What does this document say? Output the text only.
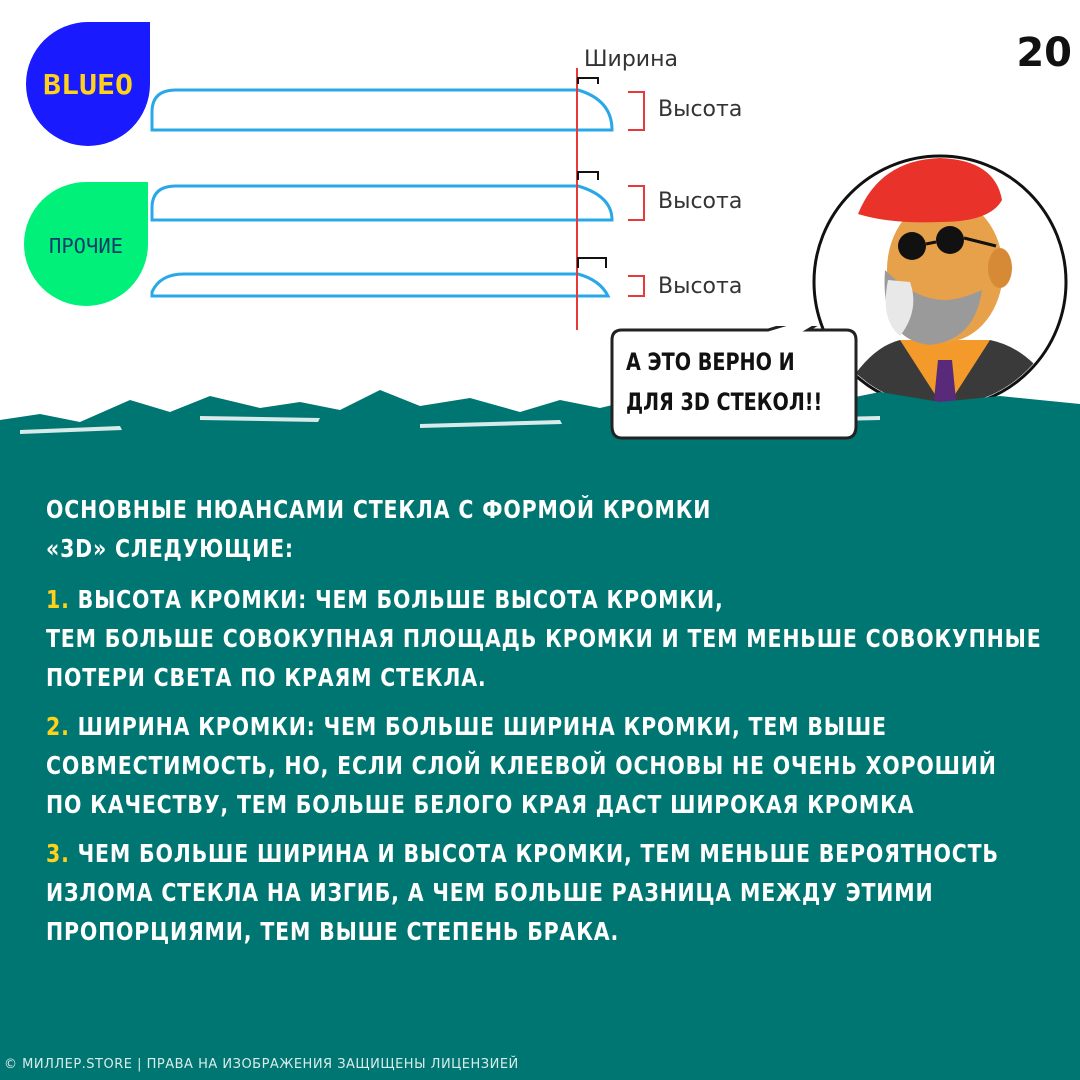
BLUEO
ПРОЧИЕ
Ширина
Высота
Высота
Высота
А ЭТО ВЕРНО И
ДЛЯ 3D СТЕКОЛ!!
20

ОСНОВНЫЕ НЮАНСАМИ СТЕКЛА С ФОРМОЙ КРОМКИ
«3D» СЛЕДУЮЩИЕ:

1. ВЫСОТА КРОМКИ: ЧЕМ БОЛЬШЕ ВЫСОТА КРОМКИ,
ТЕМ БОЛЬШЕ СОВОКУПНАЯ ПЛОЩАДЬ КРОМКИ И ТЕМ МЕНЬШЕ СОВОКУПНЫЕ
ПОТЕРИ СВЕТА ПО КРАЯМ СТЕКЛА.

2. ШИРИНА КРОМКИ: ЧЕМ БОЛЬШЕ ШИРИНА КРОМКИ, ТЕМ ВЫШЕ
СОВМЕСТИМОСТЬ, НО, ЕСЛИ СЛОЙ КЛЕЕВОЙ ОСНОВЫ НЕ ОЧЕНЬ ХОРОШИЙ
ПО КАЧЕСТВУ, ТЕМ БОЛЬШЕ БЕЛОГО КРАЯ ДАСТ ШИРОКАЯ КРОМКА

3. ЧЕМ БОЛЬШЕ ШИРИНА И ВЫСОТА КРОМКИ, ТЕМ МЕНЬШЕ ВЕРОЯТНОСТЬ
ИЗЛОМА СТЕКЛА НА ИЗГИБ, А ЧЕМ БОЛЬШЕ РАЗНИЦА МЕЖДУ ЭТИМИ
ПРОПОРЦИЯМИ, ТЕМ ВЫШЕ СТЕПЕНЬ БРАКА.

© МИЛЛЕР.STORE | ПРАВА НА ИЗОБРАЖЕНИЯ ЗАЩИЩЕНЫ ЛИЦЕНЗИЕЙ
